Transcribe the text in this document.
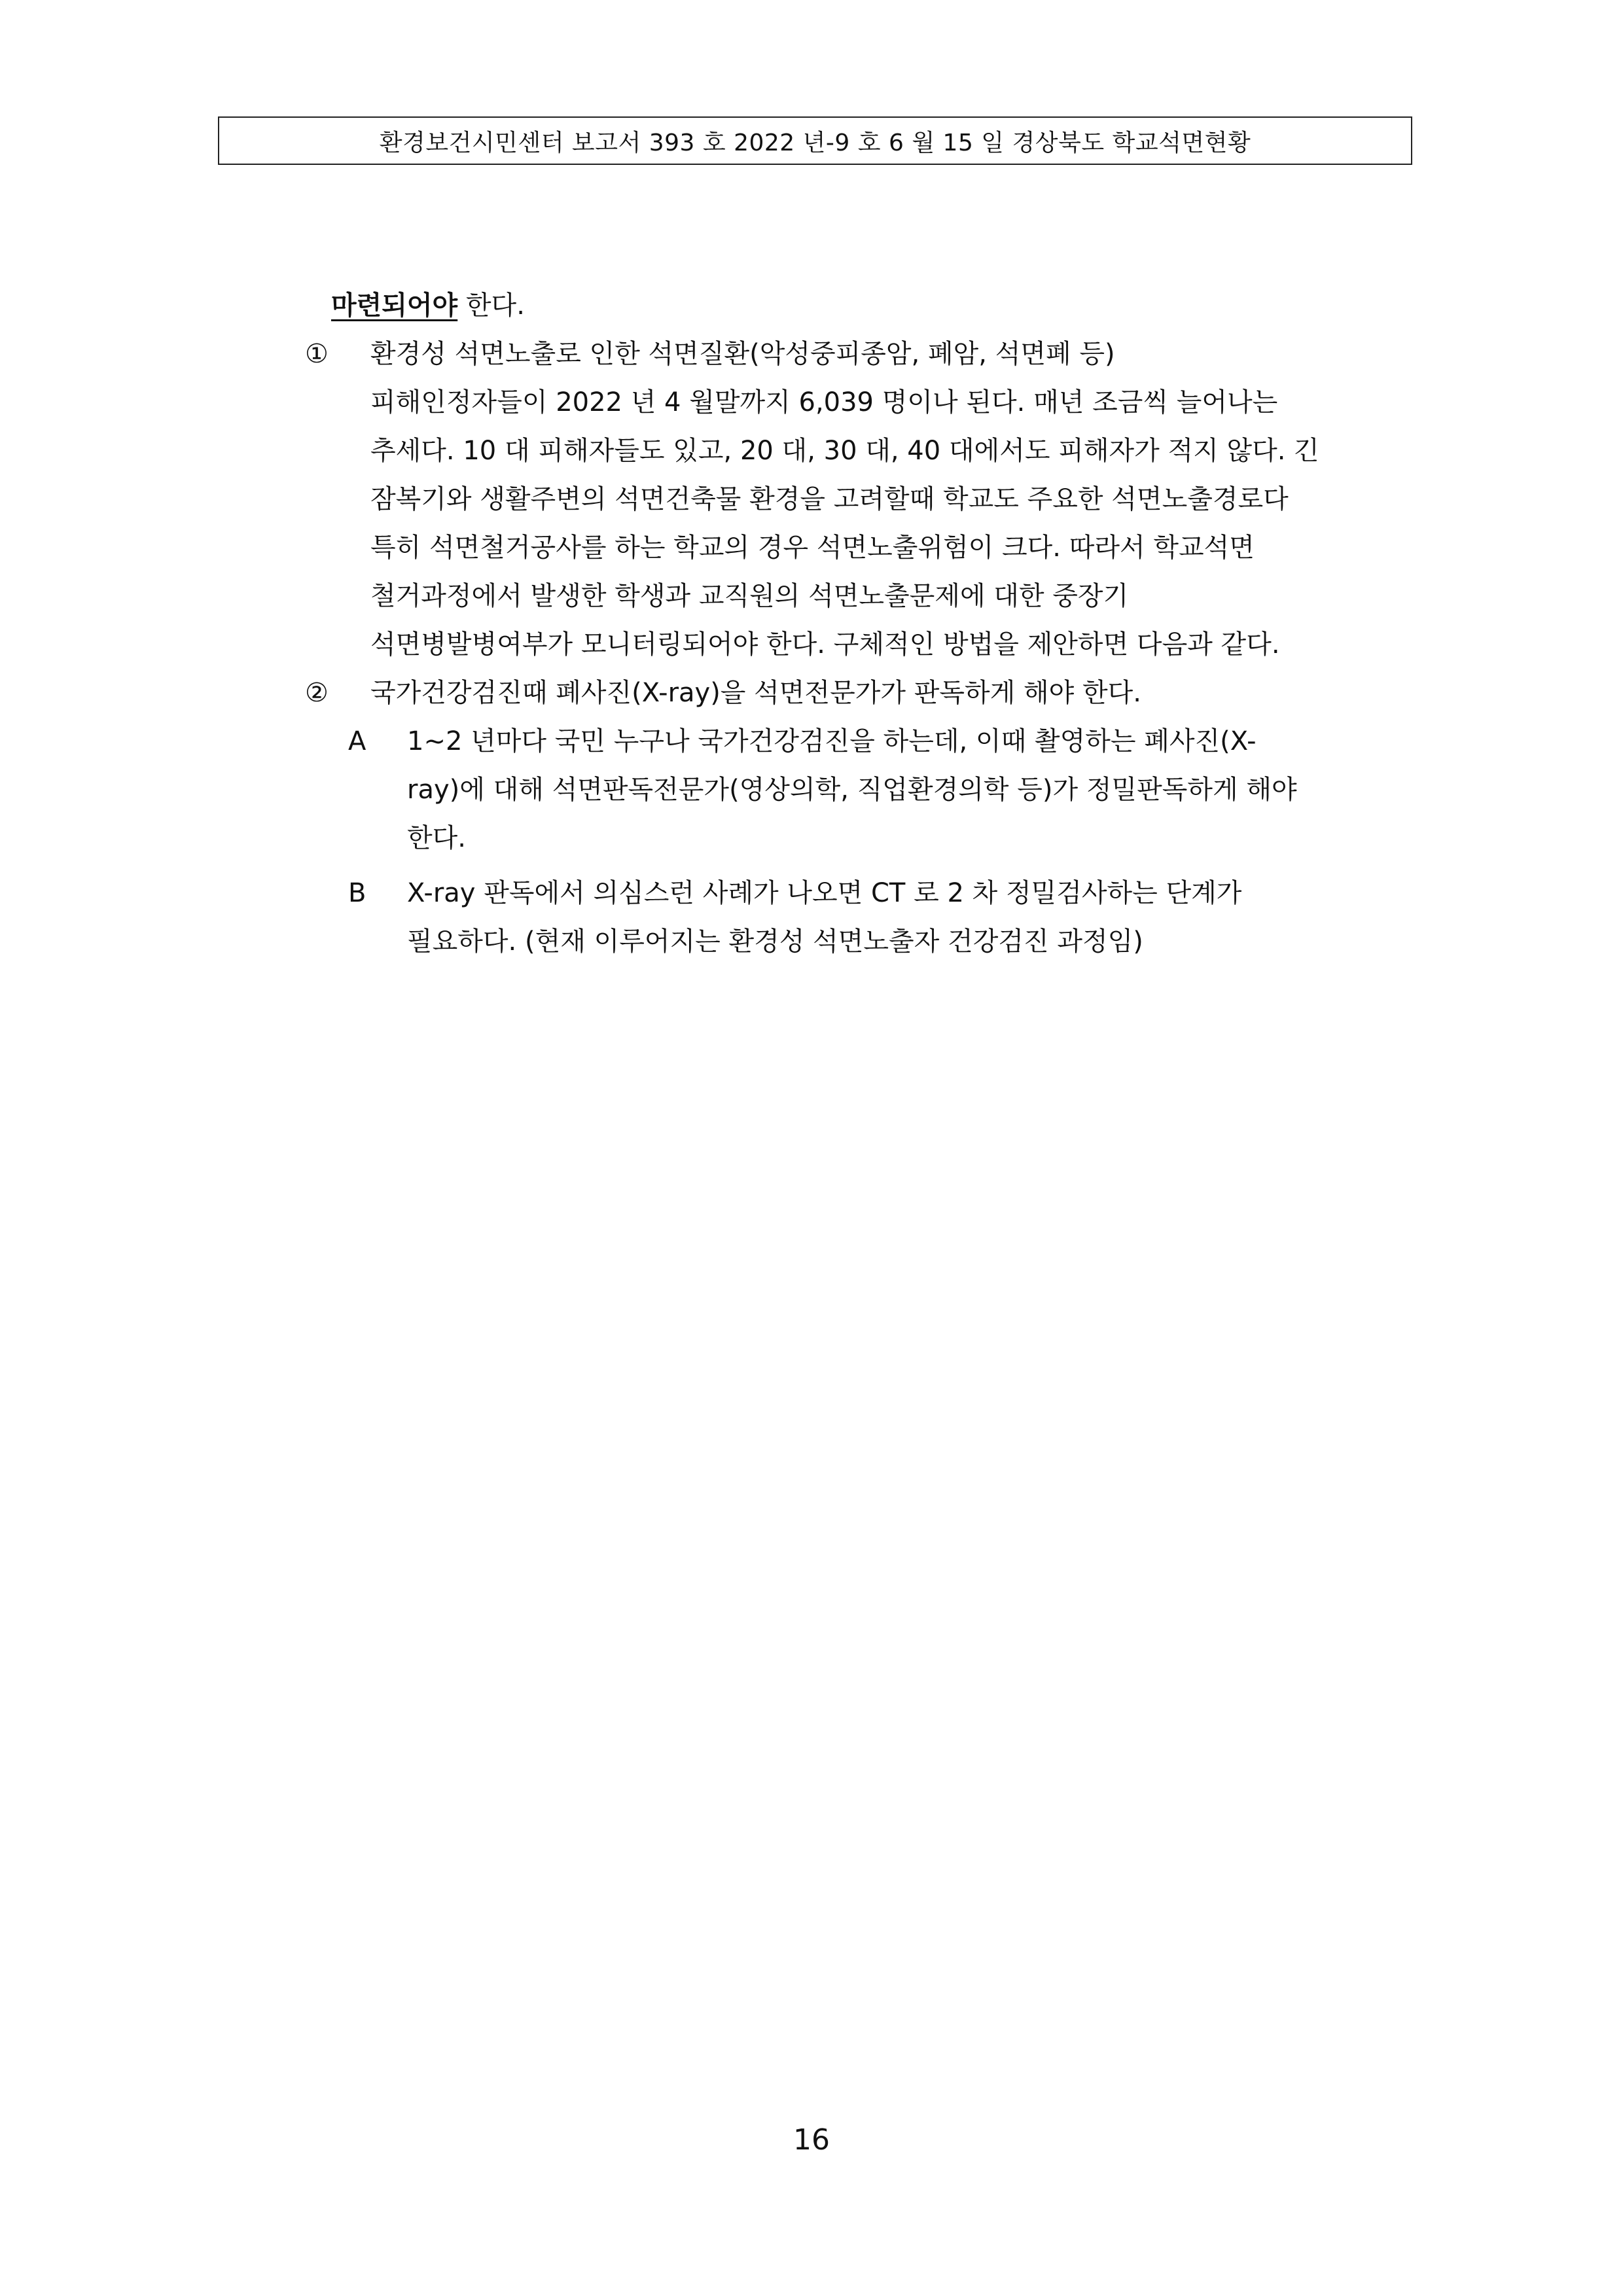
환경보건시민센터 보고서 393 호 2022 년-9 호 6 월 15 일 경상북도 학교석면현황
마련되어야 한다.
① 환경성 석면노출로 인한 석면질환(악성중피종암, 폐암, 석면폐 등)
피해인정자들이 2022 년 4 월말까지 6,039 명이나 된다. 매년 조금씩 늘어나는
추세다. 10 대 피해자들도 있고, 20 대, 30 대, 40 대에서도 피해자가 적지 않다. 긴
잠복기와 생활주변의 석면건축물 환경을 고려할때 학교도 주요한 석면노출경로다
특히 석면철거공사를 하는 학교의 경우 석면노출위험이 크다. 따라서 학교석면
철거과정에서 발생한 학생과 교직원의 석면노출문제에 대한 중장기
석면병발병여부가 모니터링되어야 한다. 구체적인 방법을 제안하면 다음과 같다.
② 국가건강검진때 폐사진(X-ray)을 석면전문가가 판독하게 해야 한다.
A 1~2 년마다 국민 누구나 국가건강검진을 하는데, 이때 촬영하는 폐사진(X-
ray)에 대해 석면판독전문가(영상의학, 직업환경의학 등)가 정밀판독하게 해야
한다.
B X-ray 판독에서 의심스런 사례가 나오면 CT 로 2 차 정밀검사하는 단계가
필요하다. (현재 이루어지는 환경성 석면노출자 건강검진 과정임)
16
